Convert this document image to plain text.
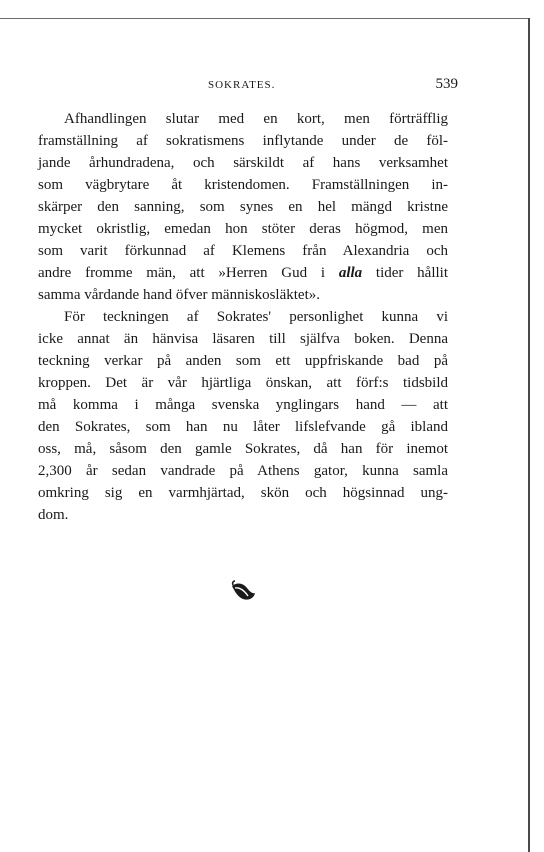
SOKRATES.	539
Afhandlingen slutar med en kort, men förträfflig
framställning af sokratismens inflytande under de föl-
jande århundradena, och särskildt af hans verksamhet
som vägbrytare åt kristendomen. Framställningen in-
skärper den sanning, som synes en hel mängd kristne
mycket okristlig, emedan hon stöter deras högmod, men
som varit förkunnad af Klemens från Alexandria och
andre fromme män, att »Herren Gud i alla tider hållit
samma vårdande hand öfver människosläktet».
För teckningen af Sokrates' personlighet kunna vi
icke annat än hänvisa läsaren till själfva boken. Denna
teckning verkar på anden som ett uppfriskande bad på
kroppen. Det är vår hjärtliga önskan, att förf:s tidsbild
må komma i många svenska ynglingars hand — att
den Sokrates, som han nu låter lifslefvande gå ibland
oss, må, såsom den gamle Sokrates, då han för inemot
2,300 år sedan vandrade på Athens gator, kunna samla
omkring sig en varmhjärtad, skön och högsinnad ung-
dom.
